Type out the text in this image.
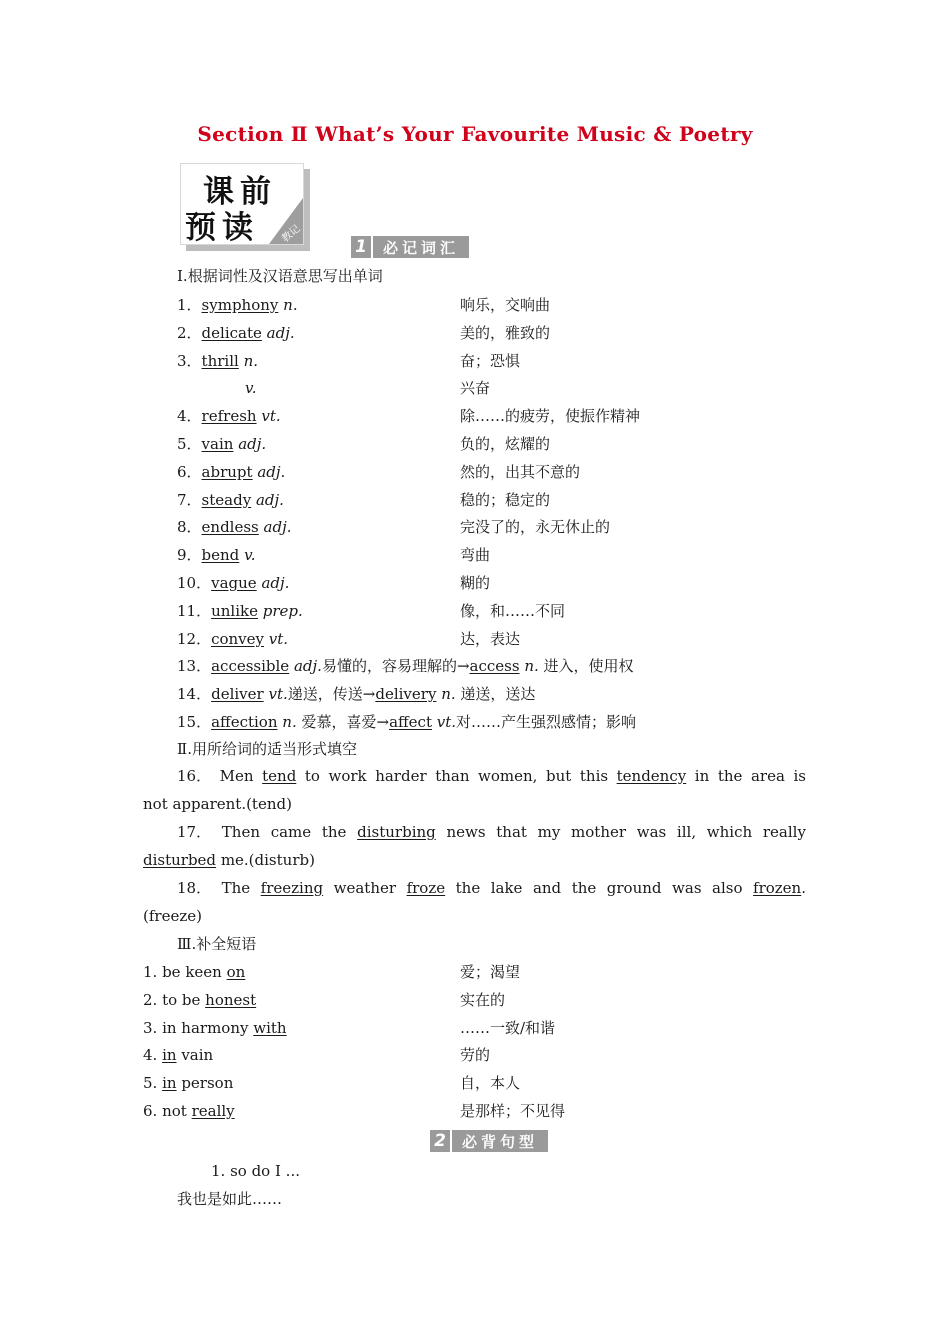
Section Ⅱ What’s Your Favourite Music & Poetry
课前
预读 教记
1	必记词汇
Ⅰ.根据词性及汉语意思写出单词
1．symphony n.	响乐，交响曲
2．delicate adj.	美的，雅致的
3．thrill n.	奋；恐惧
v.	兴奋
4．refresh vt.	除……的疲劳，使振作精神
5．vain adj.	负的，炫耀的
6．abrupt adj.	然的，出其不意的
7．steady adj.	稳的；稳定的
8．endless adj.	完没了的，永无休止的
9．bend v.	弯曲
10．vague adj.	糊的
11．unlike prep.	像，和……不同
12．convey vt.	达，表达
13．accessible adj.易懂的，容易理解的→access n. 进入，使用权
14．deliver vt.递送，传送→delivery n. 递送，送达
15．affection n. 爱慕，喜爱→affect vt.对……产生强烈感情；影响
Ⅱ.用所给词的适当形式填空
16． Men tend to work harder than women, but this tendency in the area is
not apparent.(tend)
17． Then came the disturbing news that my mother was ill, which really
disturbed me.(disturb)
18． The freezing weather froze the lake and the ground was also frozen.
(freeze)
Ⅲ.补全短语
1. be keen on	爱；渴望
2. to be honest	实在的
3. in harmony with	……一致/和谐
4. in vain	劳的
5. in person	自，本人
6. not really	是那样；不见得
2	必背句型
1. so do I ...
我也是如此……
